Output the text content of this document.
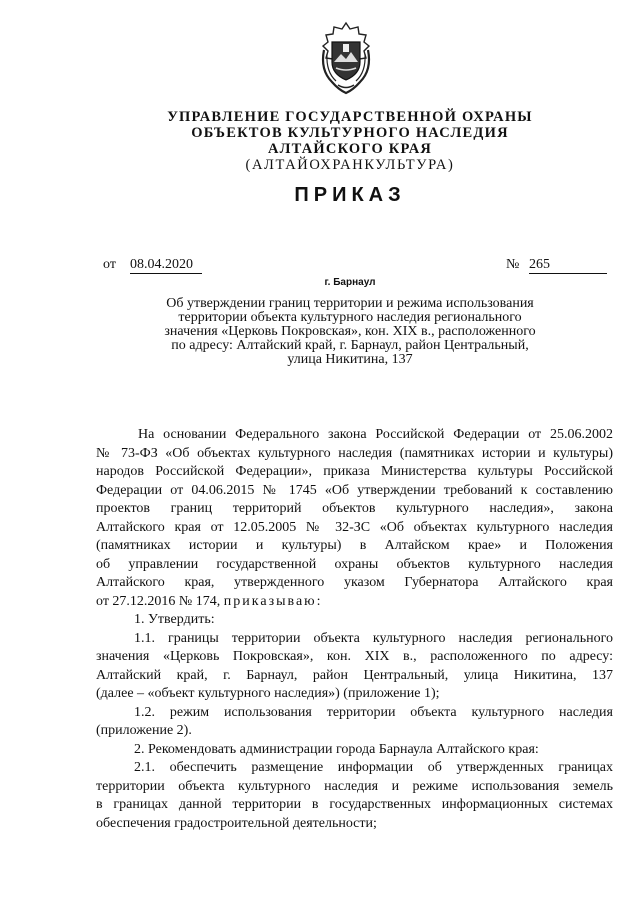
УПРАВЛЕНИЕ ГОСУДАРСТВЕННОЙ ОХРАНЫ
ОБЪЕКТОВ КУЛЬТУРНОГО НАСЛЕДИЯ
АЛТАЙСКОГО КРАЯ
(АЛТАЙОХРАНКУЛЬТУРА)
ПРИКАЗ
от 08.04.2020	№ 265
г. Барнаул
Об утверждении границ территории и режима использования
территории объекта культурного наследия регионального
значения «Церковь Покровская», кон. XIX в., расположенного
по адресу: Алтайский край, г. Барнаул, район Центральный,
улица Никитина, 137
На основании Федерального закона Российской Федерации от 25.06.2002
№ 73-ФЗ «Об объектах культурного наследия (памятниках истории и культуры)
народов Российской Федерации», приказа Министерства культуры Российской
Федерации от 04.06.2015 № 1745 «Об утверждении требований к составлению
проектов границ территорий объектов культурного наследия», закона
Алтайского края от 12.05.2005 № 32-ЗС «Об объектах культурного наследия
(памятниках истории и культуры) в Алтайском крае» и Положения
об управлении государственной охраны объектов культурного наследия
Алтайского края, утвержденного указом Губернатора Алтайского края
от 27.12.2016 № 174, приказываю:
1. Утвердить:
1.1. границы территории объекта культурного наследия регионального
значения «Церковь Покровская», кон. XIX в., расположенного по адресу:
Алтайский край, г. Барнаул, район Центральный, улица Никитина, 137
(далее – «объект культурного наследия») (приложение 1);
1.2. режим использования территории объекта культурного наследия
(приложение 2).
2. Рекомендовать администрации города Барнаула Алтайского края:
2.1. обеспечить размещение информации об утвержденных границах
территории объекта культурного наследия и режиме использования земель
в границах данной территории в государственных информационных системах
обеспечения градостроительной деятельности;
